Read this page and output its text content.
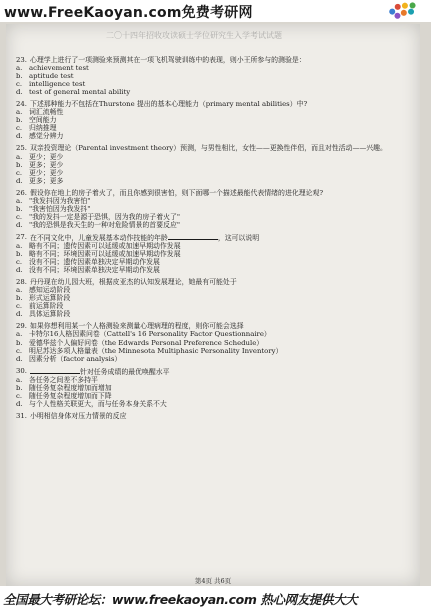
www.FreeKaoyan.com免费考研网
二〇十四年招收攻读硕士学位研究生入学考试试题
23. 心理学上进行了一项测验来预测其在一项飞机驾驶训练中的表现，则小王所参与的测验是：
a. achievement test
b. aptitude test
c.	intelligence test
d. test of general mental ability
24. 下述那种能力不包括在Thurstone 提出的基本心理能力（primary mental abilities）中?
a. 词汇流畅性
b. 空间能力
c.	归纳推理
d. 感觉分辨力
25. 双亲投资理论（Parental investment theory）预测，与男性相比，女性——更换性伴侣，而且对性活动——兴趣。
a. 更少；更少
b. 更多；更少
c.	更少；更少
d. 更多；更多
26. 假设你在地上的房子着火了，而且你感到很害怕，则下面哪一个描述最能代表情绪的进化理论观?
a. "我发抖因为我害怕"
b. "我害怕因为我发抖"
c.	"我的发抖一定是源于恐惧，因为我的房子着火了"
d. "我的恐惧是我天生的一种对危险情景的首要反应"
27. 在不同文化中，儿童发展基本动作技能的年龄	，这可以说明
a. 略有不同；遗传因素可以延缓或加速早期动作发展
b. 略有不同；环境因素可以延缓或加速早期动作发展
c.	没有不同；遗传因素单独决定早期动作发展
d. 没有不同；环境因素单独决定早期动作发展
28. 丹丹现在幼儿园大班，根据皮亚杰的认知发展理论，她最有可能处于
a. 感知运动阶段
b. 形式运算阶段
c.	前运算阶段
d. 具体运算阶段
29. 如果你想利用某一个人格测验来测量心理病理的程度，则你可能会选择
a. 卡特尔16人格因素问卷（Cattell's 16 Personality Factor Questionnaire）
b. 爱德华兹个人偏好问卷（the Edwards Personal Preference Schedule）
c.	明尼苏达多项人格量表（the Minnesota Multiphasic Personality Inventory）
d. 因素分析（factor analysis）
30.	针对任务成绩的最优唤醒水平
a. 各任务之间差不多持平
b. 随任务复杂程度增加而增加
c.	随任务复杂程度增加而下降
d. 与个人性格关联更大，而与任务本身关系不大
31. 小明相信身体对压力情景的反应
第4页 共6页
全国最大考研论坛：www.freekaoyan.com 热心网友提供大大
